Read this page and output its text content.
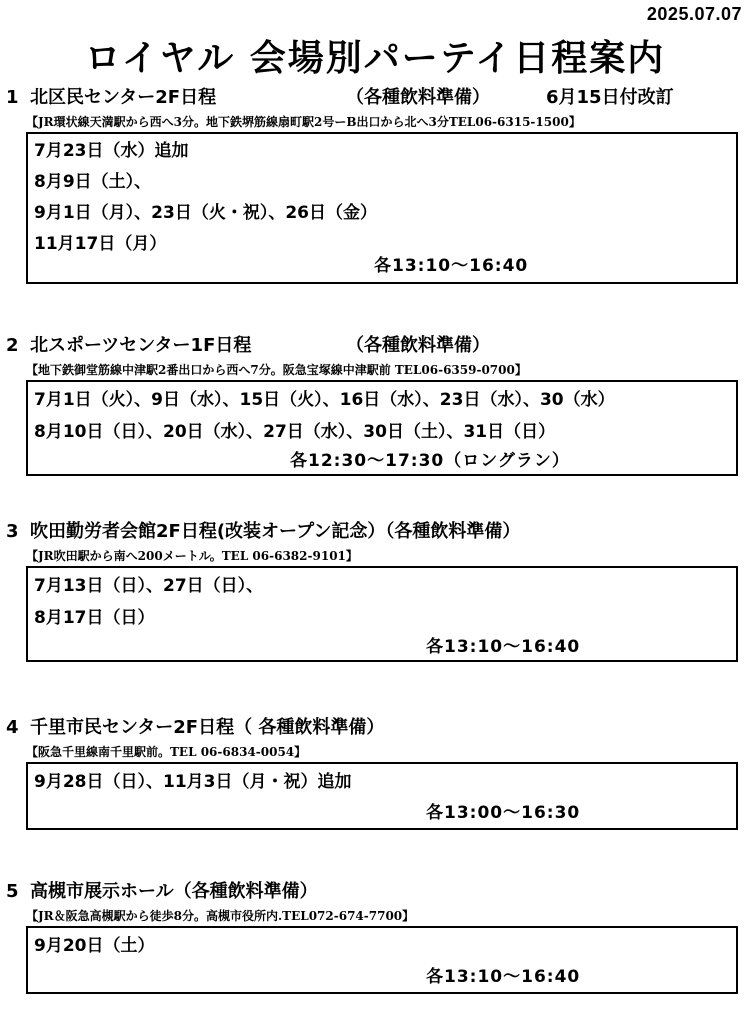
2025.07.07
ロイヤル 会場別パーテイ日程案内
1 北区民センター2F日程	（各種飲料準備）	6月15日付改訂
【JR環状線天満駅から西へ3分。地下鉄堺筋線扇町駅2号ーB出口から北へ3分TEL06-6315-1500】
7月23日（水）追加
8月9日（土）、
9月1日（月）、23日（火・祝）、26日（金）
11月17日（月）
各13:10～16:40
2 北スポーツセンター1F日程	（各種飲料準備）
【地下鉄御堂筋線中津駅2番出口から西へ7分。阪急宝塚線中津駅前 TEL06-6359-0700】
7月1日（火）、9日（水）、15日（火）、16日（水）、23日（水）、30（水）
8月10日（日）、20日（水）、27日（水）、30日（土）、31日（日）
各12:30～17:30（ロングラン）
3 吹田勤労者会館2F日程(改装オープン記念）（各種飲料準備）
【JR吹田駅から南へ200メートル。TEL 06-6382-9101】
7月13日（日）、27日（日）、
8月17日（日）
各13:10～16:40
4 千里市民センター2F日程（ 各種飲料準備）
【阪急千里線南千里駅前。TEL 06-6834-0054】
9月28日（日）、11月3日（月・祝）追加
各13:00～16:30
5 高槻市展示ホール（各種飲料準備）
【JR＆阪急高槻駅から徒歩8分。高槻市役所内.TEL072-674-7700】
9月20日（土）
各13:10～16:40
